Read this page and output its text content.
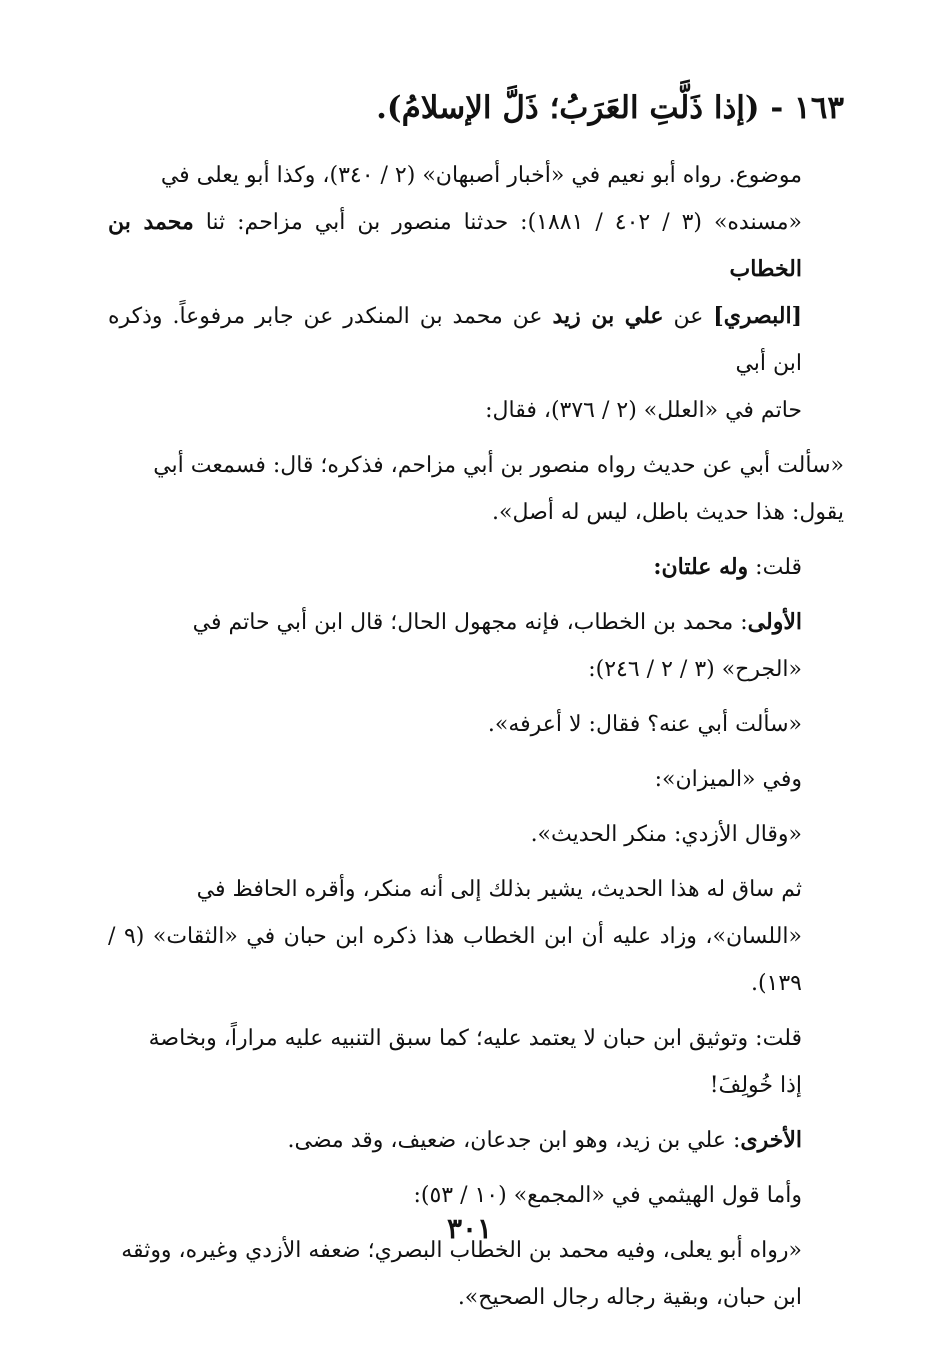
١٦٣ - (إذا ذَلَّتِ العَرَبُ؛ ذَلَّ الإسلامُ).
موضوع. رواه أبو نعيم في «أخبار أصبهان» (٢ / ٣٤٠)، وكذا أبو يعلى في
«مسنده» (٣ / ٤٠٢ / ١٨٨١): حدثنا منصور بن أبي مزاحم: ثنا محمد بن الخطاب
[البصري] عن علي بن زيد عن محمد بن المنكدر عن جابر مرفوعاً. وذكره ابن أبي
حاتم في «العلل» (٢ / ٣٧٦)، فقال:
«سألت أبي عن حديث رواه منصور بن أبي مزاحم، فذكره؛ قال: فسمعت أبي
يقول: هذا حديث باطل، ليس له أصل».
قلت: وله علتان:
الأولى: محمد بن الخطاب، فإنه مجهول الحال؛ قال ابن أبي حاتم في
«الجرح» (٣ / ٢ / ٢٤٦):
«سألت أبي عنه؟ فقال: لا أعرفه».
وفي «الميزان»:
«وقال الأزدي: منكر الحديث».
ثم ساق له هذا الحديث، يشير بذلك إلى أنه منكر، وأقره الحافظ في
«اللسان»، وزاد عليه أن ابن الخطاب هذا ذكره ابن حبان في «الثقات» (٩ / ١٣٩).
قلت: وتوثيق ابن حبان لا يعتمد عليه؛ كما سبق التنبيه عليه مراراً، وبخاصة
إذا خُولِفَ!
الأخرى: علي بن زيد، وهو ابن جدعان، ضعيف، وقد مضى.
وأما قول الهيثمي في «المجمع» (١٠ / ٥٣):
«رواه أبو يعلى، وفيه محمد بن الخطاب البصري؛ ضعفه الأزدي وغيره، ووثقه
ابن حبان، وبقية رجاله رجال الصحيح».
٣٠١
